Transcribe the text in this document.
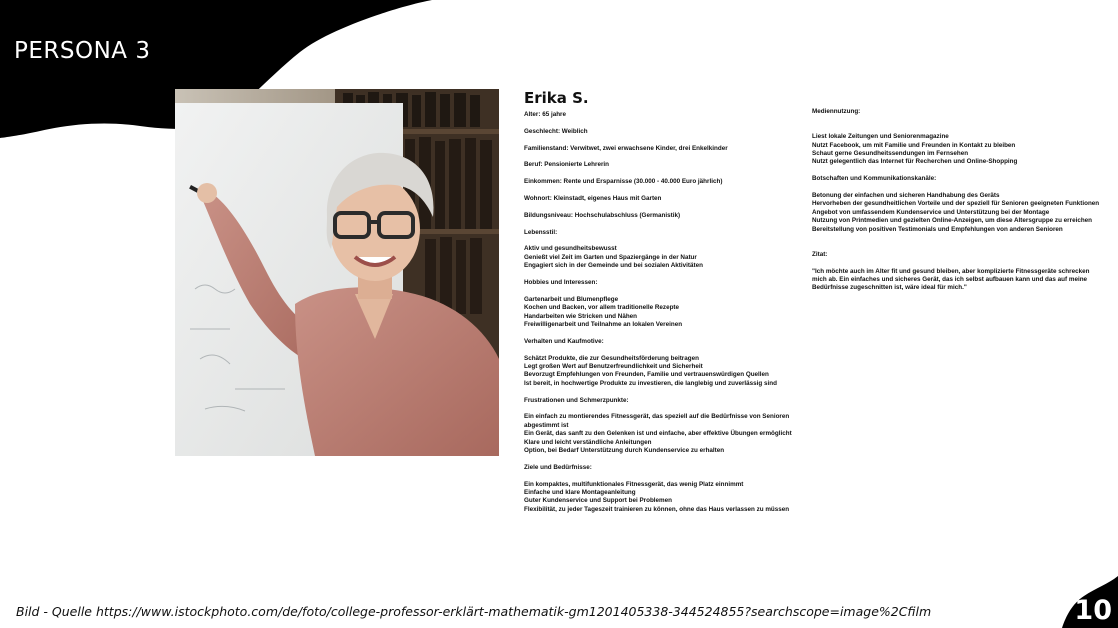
PERSONA 3
Erika S.
Alter: 65 jahre
Geschlecht: Weiblich
Familienstand: Verwitwet, zwei erwachsene Kinder, drei Enkelkinder
Beruf: Pensionierte Lehrerin
Einkommen: Rente und Ersparnisse (30.000 - 40.000 Euro jährlich)
Wohnort: Kleinstadt, eigenes Haus mit Garten
Bildungsniveau: Hochschulabschluss (Germanistik)
Lebensstil:
Aktiv und gesundheitsbewusst
Genießt viel Zeit im Garten und Spaziergänge in der Natur
Engagiert sich in der Gemeinde und bei sozialen Aktivitäten
Hobbies und Interessen:
Gartenarbeit und Blumenpflege
Kochen und Backen, vor allem traditionelle Rezepte
Handarbeiten wie Stricken und Nähen
Freiwilligenarbeit und Teilnahme an lokalen Vereinen
Verhalten und Kaufmotive:
Schätzt Produkte, die zur Gesundheitsförderung beitragen
Legt großen Wert auf Benutzerfreundlichkeit und Sicherheit
Bevorzugt Empfehlungen von Freunden, Familie und vertrauenswürdigen Quellen
Ist bereit, in hochwertige Produkte zu investieren, die langlebig und zuverlässig sind
Frustrationen und Schmerzpunkte:
Ein einfach zu montierendes Fitnessgerät, das speziell auf die Bedürfnisse von Senioren abgestimmt ist
Ein Gerät, das sanft zu den Gelenken ist und einfache, aber effektive Übungen ermöglicht
Klare und leicht verständliche Anleitungen
Option, bei Bedarf Unterstützung durch Kundenservice zu erhalten
Ziele und Bedürfnisse:
Ein kompaktes, multifunktionales Fitnessgerät, das wenig Platz einnimmt
Einfache und klare Montageanleitung
Guter Kundenservice und Support bei Problemen
Flexibilität, zu jeder Tageszeit trainieren zu können, ohne das Haus verlassen zu müssen
Mediennutzung:
Liest lokale Zeitungen und Seniorenmagazine
Nutzt Facebook, um mit Familie und Freunden in Kontakt zu bleiben
Schaut gerne Gesundheitssendungen im Fernsehen
Nutzt gelegentlich das Internet für Recherchen und Online-Shopping
Botschaften und Kommunikationskanäle:
Betonung der einfachen und sicheren Handhabung des Geräts
Hervorheben der gesundheitlichen Vorteile und der speziell für Senioren geeigneten Funktionen
Angebot von umfassendem Kundenservice und Unterstützung bei der Montage
Nutzung von Printmedien und gezielten Online-Anzeigen, um diese Altersgruppe zu erreichen
Bereitstellung von positiven Testimonials und Empfehlungen von anderen Senioren
Zitat:
"Ich möchte auch im Alter fit und gesund bleiben, aber komplizierte Fitnessgeräte schrecken mich ab. Ein einfaches und sicheres Gerät, das ich selbst aufbauen kann und das auf meine Bedürfnisse zugeschnitten ist, wäre ideal für mich."
Bild - Quelle https://www.istockphoto.com/de/foto/college-professor-erklärt-mathematik-gm1201405338-344524855?searchscope=image%2Cfilm	10
